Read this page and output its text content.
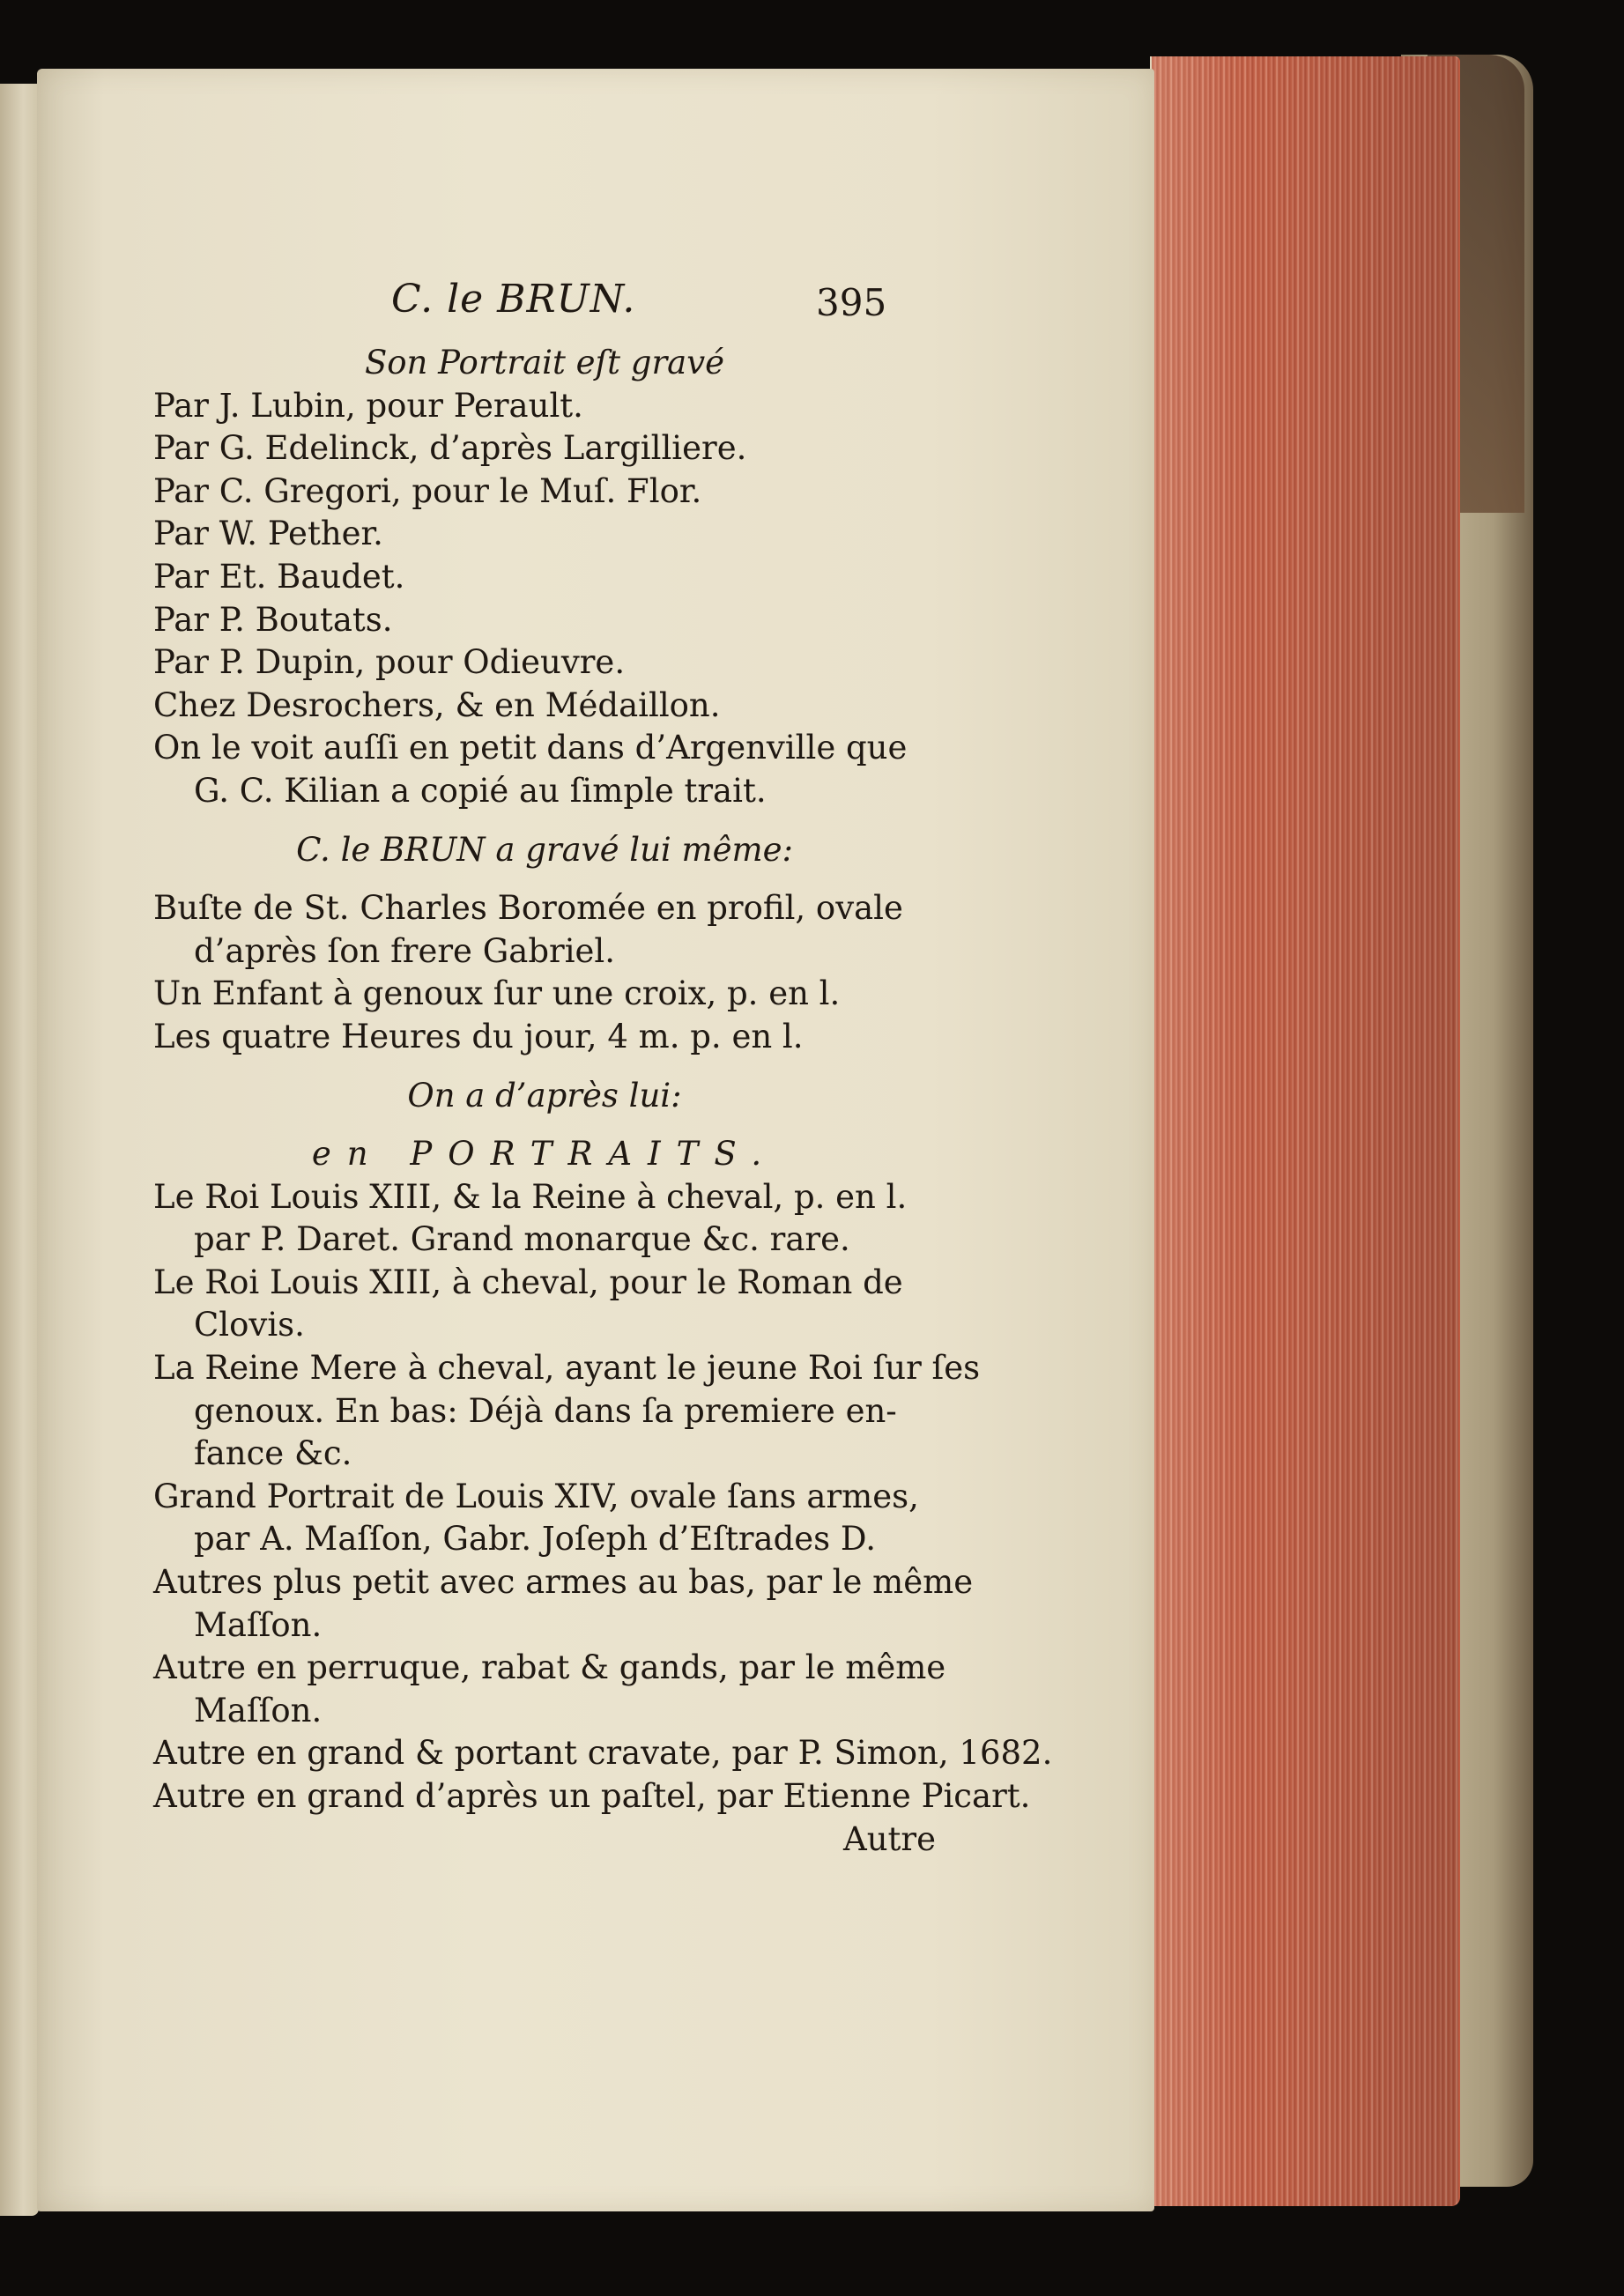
C. le BRUN.	395
Son Portrait eſt gravé
Par J. Lubin, pour Perault.
Par G. Edelinck, d’après Largilliere.
Par C. Gregori, pour le Muſ. Flor.
Par W. Pether.
Par Et. Baudet.
Par P. Boutats.
Par P. Dupin, pour Odieuvre.
Chez Desrochers, & en Médaillon.
On le voit auſſi en petit dans d’Argenville que
G. C. Kilian a copié au ſimple trait.
C. le BRUN a gravé lui même:
Buſte de St. Charles Boromée en profil, ovale
d’après ſon frere Gabriel.
Un Enfant à genoux ſur une croix, p. en l.
Les quatre Heures du jour, 4 m. p. en l.
On a d’après lui:
en PORTRAITS.
Le Roi Louis XIII, & la Reine à cheval, p. en l.
par P. Daret. Grand monarque &c. rare.
Le Roi Louis XIII, à cheval, pour le Roman de
Clovis.
La Reine Mere à cheval, ayant le jeune Roi ſur ſes
genoux. En bas: Déjà dans ſa premiere en-
fance &c.
Grand Portrait de Louis XIV, ovale ſans armes,
par A. Maſſon, Gabr. Joſeph d’Eſtrades D.
Autres plus petit avec armes au bas, par le même
Maſſon.
Autre en perruque, rabat & gands, par le même
Maſſon.
Autre en grand & portant cravate, par P. Simon, 1682.
Autre en grand d’après un paſtel, par Etienne Picart.
Autre
